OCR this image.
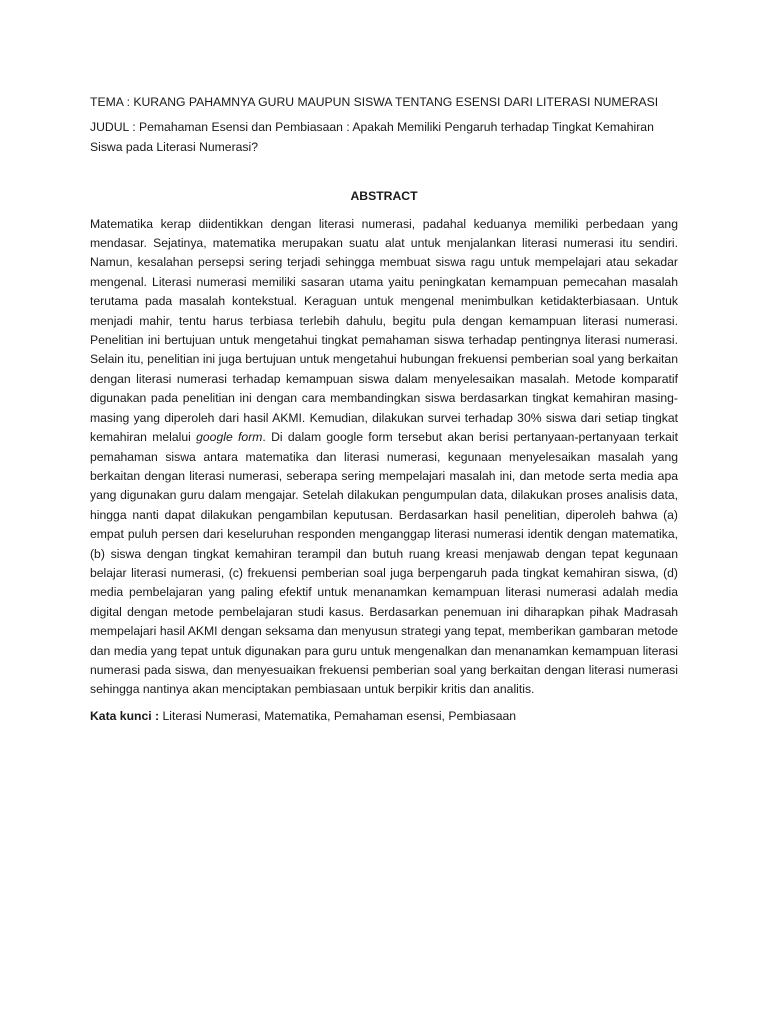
TEMA : KURANG PAHAMNYA GURU MAUPUN SISWA TENTANG ESENSI DARI LITERASI NUMERASI

JUDUL : Pemahaman Esensi dan Pembiasaan : Apakah Memiliki Pengaruh terhadap Tingkat Kemahiran Siswa pada Literasi Numerasi?

ABSTRACT

Matematika kerap diidentikkan dengan literasi numerasi, padahal keduanya memiliki perbedaan yang mendasar. Sejatinya, matematika merupakan suatu alat untuk menjalankan literasi numerasi itu sendiri. Namun, kesalahan persepsi sering terjadi sehingga membuat siswa ragu untuk mempelajari atau sekadar mengenal. Literasi numerasi memiliki sasaran utama yaitu peningkatan kemampuan pemecahan masalah terutama pada masalah kontekstual. Keraguan untuk mengenal menimbulkan ketidakterbiasaan. Untuk menjadi mahir, tentu harus terbiasa terlebih dahulu, begitu pula dengan kemampuan literasi numerasi. Penelitian ini bertujuan untuk mengetahui tingkat pemahaman siswa terhadap pentingnya literasi numerasi. Selain itu, penelitian ini juga bertujuan untuk mengetahui hubungan frekuensi pemberian soal yang berkaitan dengan literasi numerasi terhadap kemampuan siswa dalam menyelesaikan masalah. Metode komparatif digunakan pada penelitian ini dengan cara membandingkan siswa berdasarkan tingkat kemahiran masing-masing yang diperoleh dari hasil AKMI. Kemudian, dilakukan survei terhadap 30% siswa dari setiap tingkat kemahiran melalui google form. Di dalam google form tersebut akan berisi pertanyaan-pertanyaan terkait pemahaman siswa antara matematika dan literasi numerasi, kegunaan menyelesaikan masalah yang berkaitan dengan literasi numerasi, seberapa sering mempelajari masalah ini, dan metode serta media apa yang digunakan guru dalam mengajar. Setelah dilakukan pengumpulan data, dilakukan proses analisis data, hingga nanti dapat dilakukan pengambilan keputusan. Berdasarkan hasil penelitian, diperoleh bahwa (a) empat puluh persen dari keseluruhan responden menganggap literasi numerasi identik dengan matematika, (b) siswa dengan tingkat kemahiran terampil dan butuh ruang kreasi menjawab dengan tepat kegunaan belajar literasi numerasi, (c) frekuensi pemberian soal juga berpengaruh pada tingkat kemahiran siswa, (d) media pembelajaran yang paling efektif untuk menanamkan kemampuan literasi numerasi adalah media digital dengan metode pembelajaran studi kasus. Berdasarkan penemuan ini diharapkan pihak Madrasah mempelajari hasil AKMI dengan seksama dan menyusun strategi yang tepat, memberikan gambaran metode dan media yang tepat untuk digunakan para guru untuk mengenalkan dan menanamkan kemampuan literasi numerasi pada siswa, dan menyesuaikan frekuensi pemberian soal yang berkaitan dengan literasi numerasi sehingga nantinya akan menciptakan pembiasaan untuk berpikir kritis dan analitis.

Kata kunci : Literasi Numerasi, Matematika, Pemahaman esensi, Pembiasaan
